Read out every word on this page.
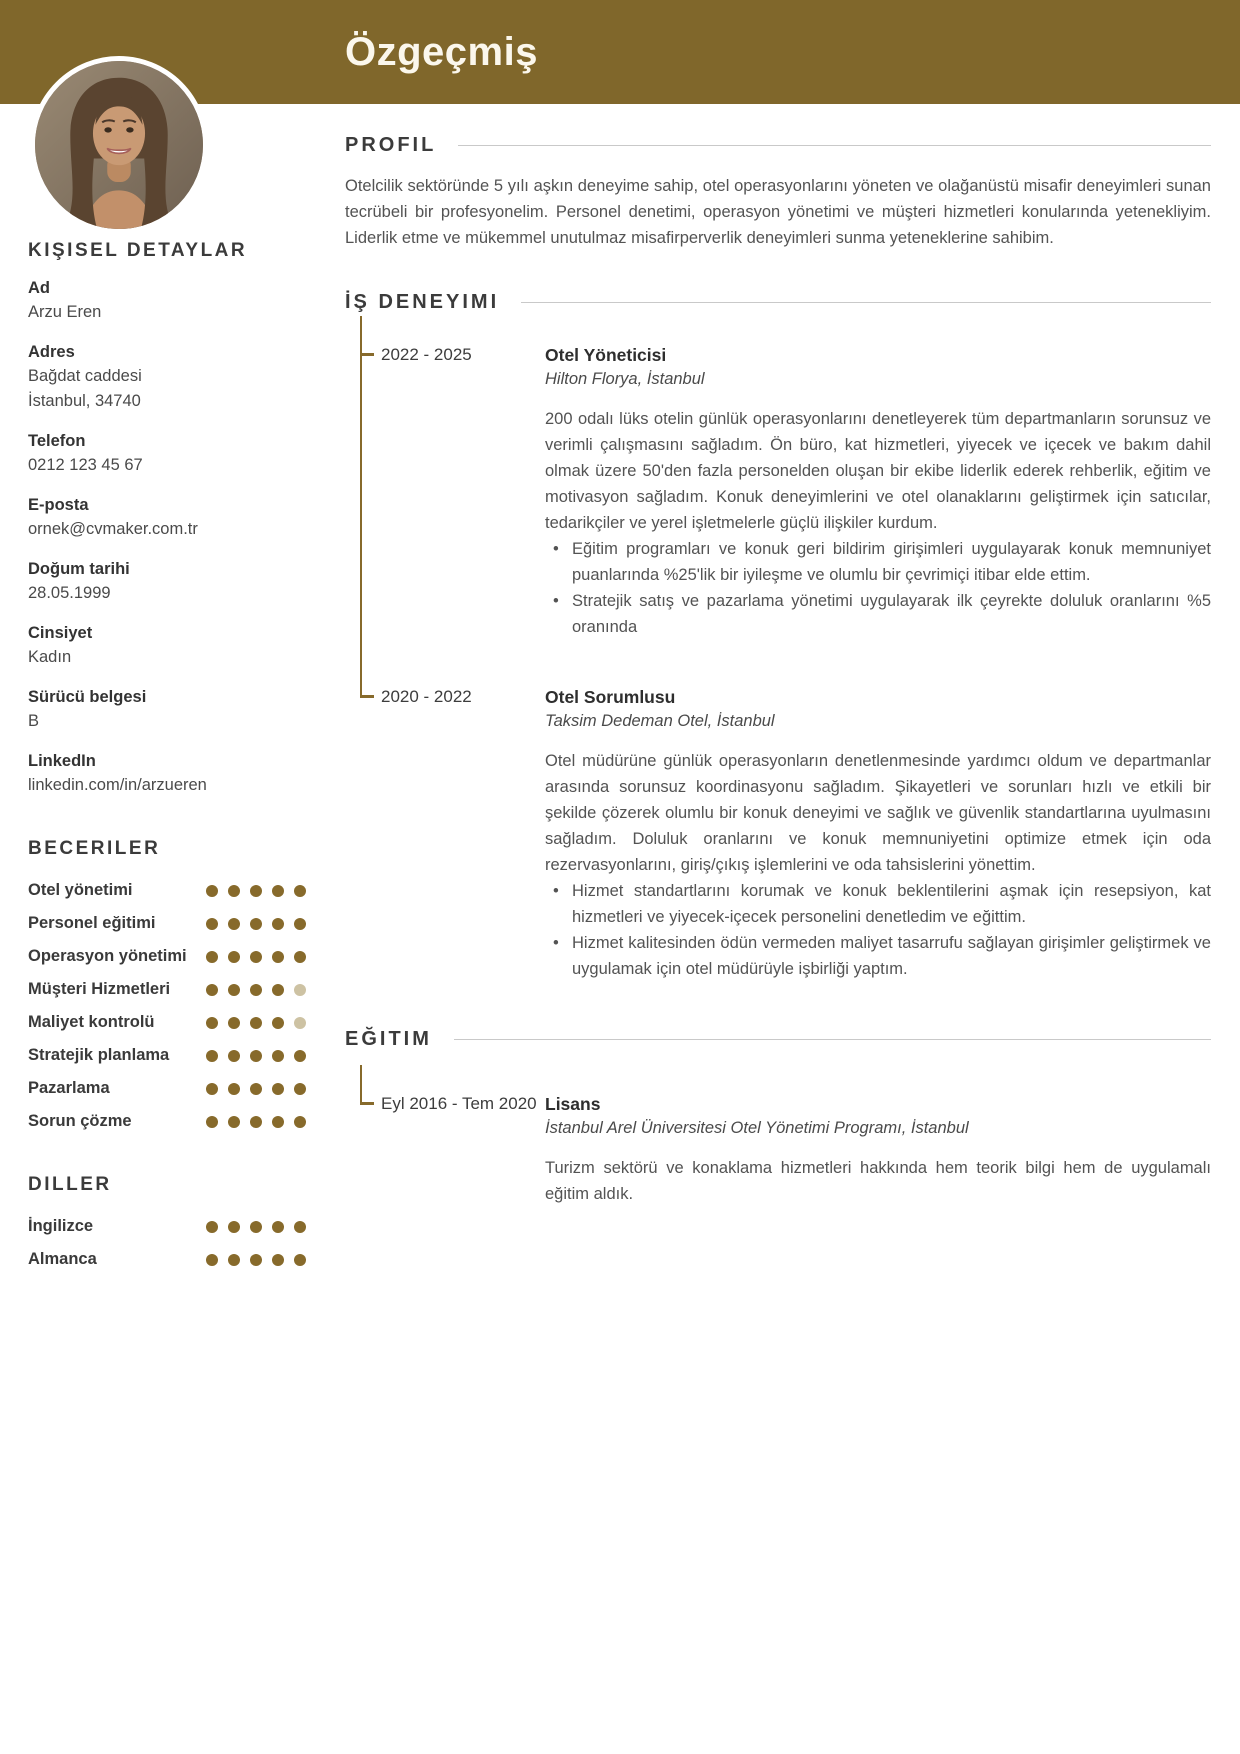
Özgeçmiş
KIŞISEL DETAYLAR
Ad
Arzu Eren
Adres
Bağdat caddesi
İstanbul, 34740
Telefon
0212 123 45 67
E-posta
ornek@cvmaker.com.tr
Doğum tarihi
28.05.1999
Cinsiyet
Kadın
Sürücü belgesi
B
LinkedIn
linkedin.com/in/arzueren
BECERILER
Otel yönetimi
Personel eğitimi
Operasyon yönetimi
Müşteri Hizmetleri
Maliyet kontrolü
Stratejik planlama
Pazarlama
Sorun çözme
DILLER
İngilizce
Almanca
PROFIL

Otelcilik sektöründe 5 yılı aşkın deneyime sahip, otel operasyonlarını yöneten ve olağanüstü misafir deneyimleri sunan tecrübeli bir profesyonelim. Personel denetimi, operasyon yönetimi ve müşteri hizmetleri konularında yetenekliyim. Liderlik etme ve mükemmel unutulmaz misafirperverlik deneyimleri sunma yeteneklerine sahibim.

İŞ DENEYIMI
2022 - 2025	Otel Yöneticisi
Hilton Florya, İstanbul

200 odalı lüks otelin günlük operasyonlarını denetleyerek tüm departmanların sorunsuz ve verimli çalışmasını sağladım. Ön büro, kat hizmetleri, yiyecek ve içecek ve bakım dahil olmak üzere 50'den fazla personelden oluşan bir ekibe liderlik ederek rehberlik, eğitim ve motivasyon sağladım. Konuk deneyimlerini ve otel olanaklarını geliştirmek için satıcılar, tedarikçiler ve yerel işletmelerle güçlü ilişkiler kurdum.

• Eğitim programları ve konuk geri bildirim girişimleri uygulayarak konuk memnuniyet puanlarında %25'lik bir iyileşme ve olumlu bir çevrimiçi itibar elde ettim.
• Stratejik satış ve pazarlama yönetimi uygulayarak ilk çeyrekte doluluk oranlarını %5 oranında
2020 - 2022	Otel Sorumlusu
Taksim Dedeman Otel, İstanbul

Otel müdürüne günlük operasyonların denetlenmesinde yardımcı oldum ve departmanlar arasında sorunsuz koordinasyonu sağladım. Şikayetleri ve sorunları hızlı ve etkili bir şekilde çözerek olumlu bir konuk deneyimi ve sağlık ve güvenlik standartlarına uyulmasını sağladım. Doluluk oranlarını ve konuk memnuniyetini optimize etmek için oda rezervasyonlarını, giriş/çıkış işlemlerini ve oda tahsislerini yönettim.

• Hizmet standartlarını korumak ve konuk beklentilerini aşmak için resepsiyon, kat hizmetleri ve yiyecek-içecek personelini denetledim ve eğittim.
• Hizmet kalitesinden ödün vermeden maliyet tasarrufu sağlayan girişimler geliştirmek ve uygulamak için otel müdürüyle işbirliği yaptım.
EĞITIM
Eyl 2016 - Tem 2020 Lisans
İstanbul Arel Üniversitesi Otel Yönetimi Programı, İstanbul

Turizm sektörü ve konaklama hizmetleri hakkında hem teorik bilgi hem de uygulamalı eğitim aldık.
